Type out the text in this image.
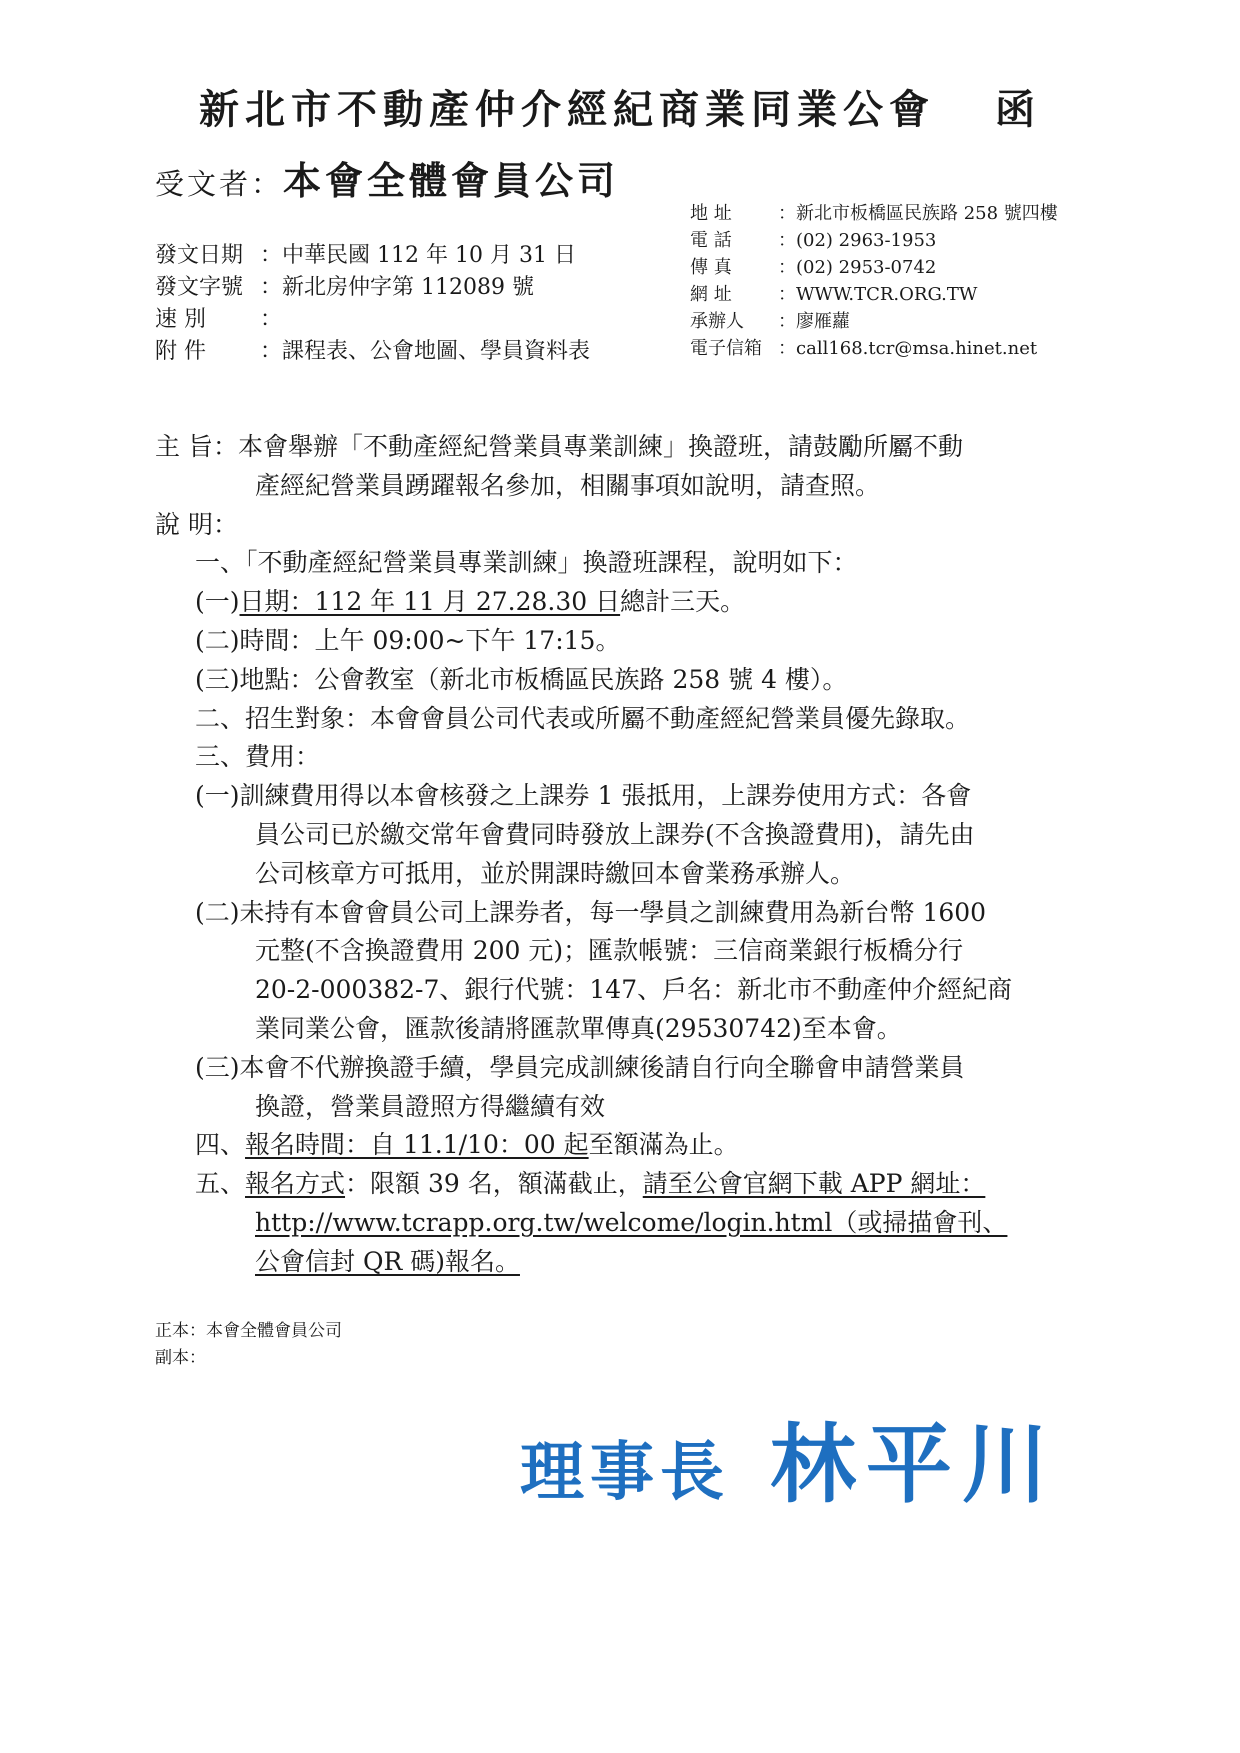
新北市不動產仲介經紀商業同業公會 函
受文者：本會全體會員公司
地 址	： 新北市板橋區民族路 258 號四樓
電 話	： (02) 2963-1953
傳 真	： (02) 2953-0742
網 址	： WWW.TCR.ORG.TW
承辦人	： 廖雁蘿
電子信箱 ： call168.tcr@msa.hinet.net
發文日期 ： 中華民國 112 年 10 月 31 日
發文字號 ： 新北房仲字第 112089 號
速 別	：
附 件	： 課程表、公會地圖、學員資料表
主 旨：本會舉辦「不動產經紀營業員專業訓練」換證班，請鼓勵所屬不動
產經紀營業員踴躍報名參加，相關事項如說明，請查照。
說 明：
一、「不動產經紀營業員專業訓練」換證班課程，說明如下：
(一)日期：112 年 11 月 27.28.30 日總計三天。
(二)時間：上午 09:00~下午 17:15。
(三)地點：公會教室（新北市板橋區民族路 258 號 4 樓）。
二、招生對象：本會會員公司代表或所屬不動產經紀營業員優先錄取。
三、費用：
(一)訓練費用得以本會核發之上課券 1 張抵用，上課券使用方式：各會
員公司已於繳交常年會費同時發放上課券(不含換證費用)，請先由
公司核章方可抵用，並於開課時繳回本會業務承辦人。
(二)未持有本會會員公司上課券者，每一學員之訓練費用為新台幣 1600
元整(不含換證費用 200 元)；匯款帳號：三信商業銀行板橋分行
20-2-000382-7、銀行代號：147、戶名：新北市不動產仲介經紀商
業同業公會，匯款後請將匯款單傳真(29530742)至本會。
(三)本會不代辦換證手續，學員完成訓練後請自行向全聯會申請營業員
換證，營業員證照方得繼續有效
四、報名時間：自 11.1/10：00 起至額滿為止。
五、報名方式：限額 39 名，額滿截止，請至公會官網下載 APP 網址：
http://www.tcrapp.org.tw/welcome/login.html（或掃描會刊、
公會信封 QR 碼)報名。
正本：本會全體會員公司
副本：
理事長 林平川
